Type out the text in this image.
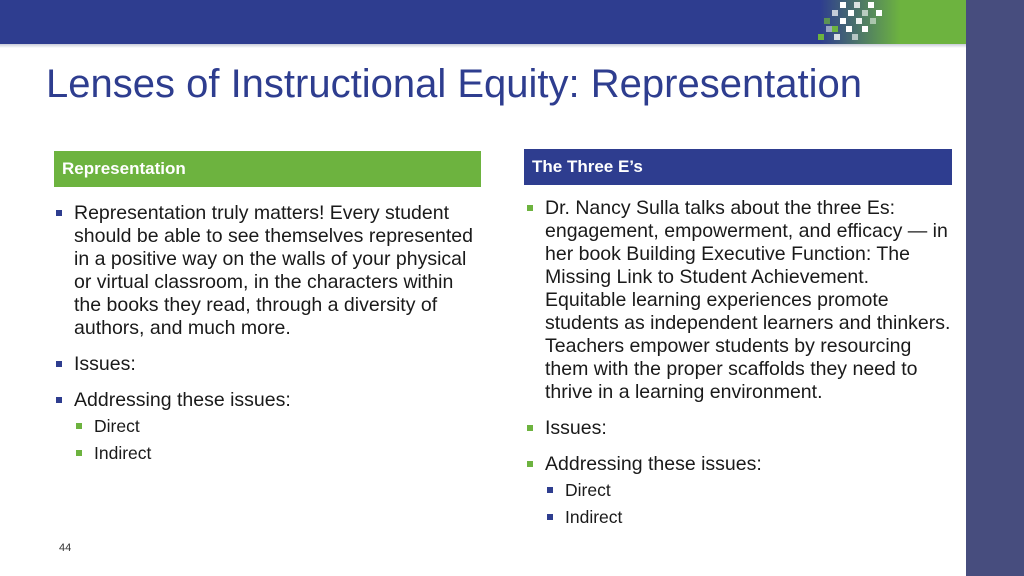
Lenses of Instructional Equity: Representation
Representation
Representation truly matters! Every student should be able to see themselves represented in a positive way on the walls of your physical or virtual classroom, in the characters within the books they read, through a diversity of authors, and much more.
Issues:
Addressing these issues:
Direct
Indirect
The Three E’s
Dr. Nancy Sulla talks about the three Es: engagement, empowerment, and efficacy — in her book Building Executive Function: The Missing Link to Student Achievement. Equitable learning experiences promote students as independent learners and thinkers. Teachers empower students by resourcing them with the proper scaffolds they need to thrive in a learning environment.
Issues:
Addressing these issues:
Direct
Indirect
44
